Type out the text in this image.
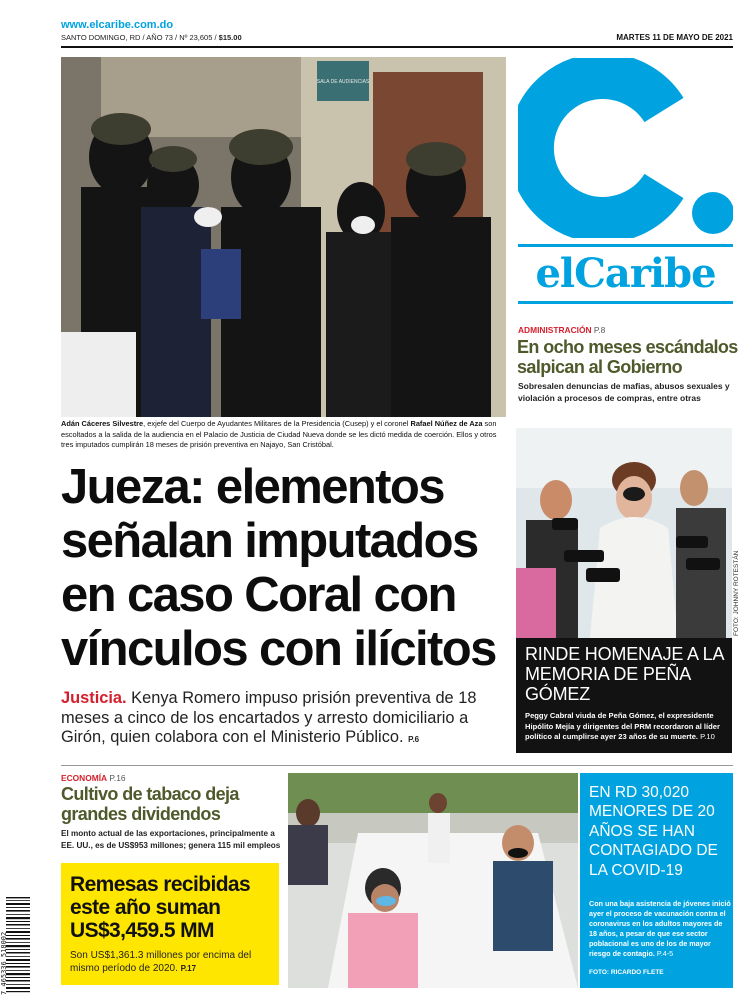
www.elcaribe.com.do
SANTO DOMINGO, RD / AÑO 73 / Nº 23,605 / $15.00	MARTES 11 DE MAYO DE 2021
SALA DE AUDIENCIAS

Adán Cáceres Silvestre, exjefe del Cuerpo de Ayudantes Militares de la Presidencia (Cusep) y el coronel Rafael Núñez de Aza son escoltados a la salida de la audiencia en el Palacio de Justicia de Ciudad Nueva donde se les dictó medida de coerción. Ellos y otros tres imputados cumplirán 18 meses de prisión preventiva en Najayo, San Cristóbal.

Jueza: elementos señalan imputados en caso Coral con vínculos con ilícitos

Justicia. Kenya Romero impuso prisión preventiva de 18 meses a cinco de los encartados y arresto domiciliario a Girón, quien colabora con el Ministerio Público. P.6

C.
elCaribe
ADMINISTRACIÓN P.8
En ocho meses escándalos salpican al Gobierno

Sobresalen denuncias de mafias, abusos sexuales y violación a procesos de compras, entre otras

FOTO: JOHNNY ROTESTÁN
RINDE HOMENAJE A LA MEMORIA DE PEÑA GÓMEZ

Peggy Cabral viuda de Peña Gómez, el expresidente Hipólito Mejía y dirigentes del PRM recordaron al líder político al cumplirse ayer 23 años de su muerte. P.10

ECONOMÍA P.16
Cultivo de tabaco deja grandes dividendos

El monto actual de las exportaciones, principalmente a EE. UU., es de US$953 millones; genera 115 mil empleos

Remesas recibidas este año suman US$3,459.5 MM

Son US$1,361.3 millones por encima del mismo período de 2020. P.17

7 465336 518002
EN RD 30,020 MENORES DE 20 AÑOS SE HAN CONTAGIADO DE LA COVID-19

Con una baja asistencia de jóvenes inició ayer el proceso de vacunación contra el coronavirus en los adultos mayores de 18 años, a pesar de que ese sector poblacional es uno de los de mayor riesgo de contagio. P.4-5

FOTO: RICARDO FLETE
